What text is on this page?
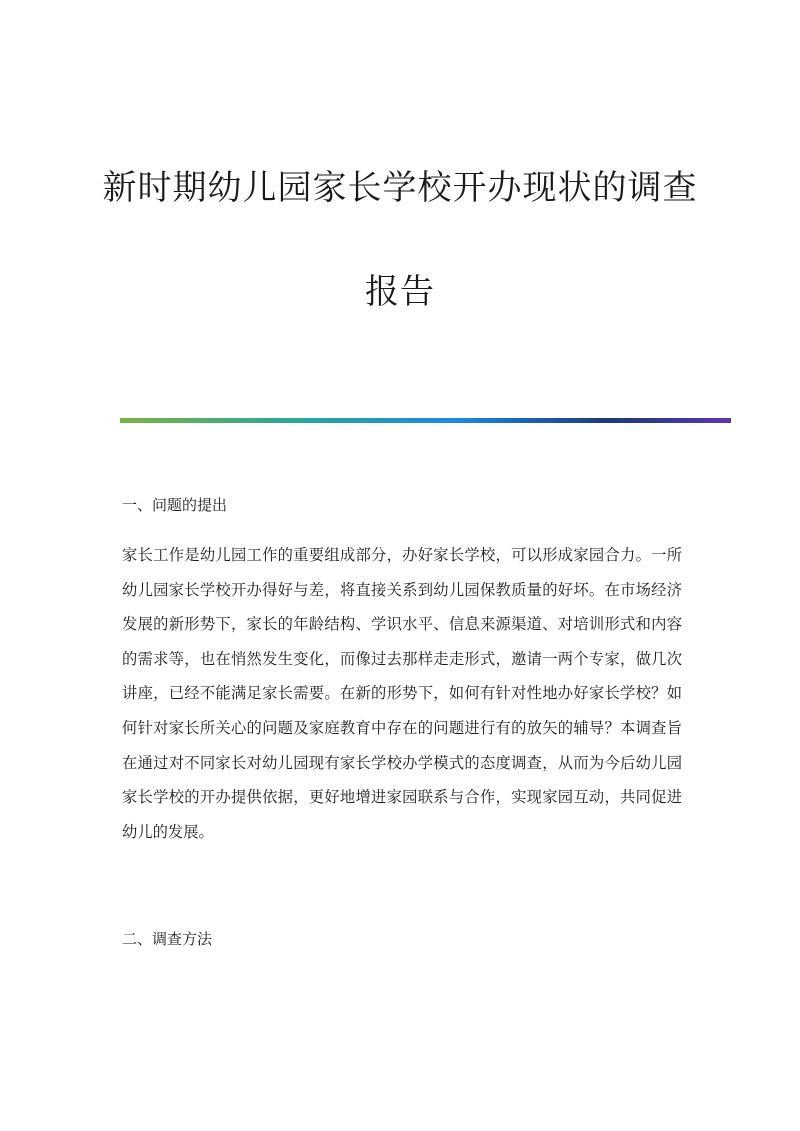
新时期幼儿园家长学校开办现状的调查
报告
一、问题的提出

家长工作是幼儿园工作的重要组成部分，办好家长学校，可以形成家园合力。一所幼儿园家长学校开办得好与差，将直接关系到幼儿园保教质量的好坏。在市场经济发展的新形势下，家长的年龄结构、学识水平、信息来源渠道、对培训形式和内容的需求等，也在悄然发生变化，而像过去那样走走形式，邀请一两个专家，做几次讲座，已经不能满足家长需要。在新的形势下，如何有针对性地办好家长学校？如何针对家长所关心的问题及家庭教育中存在的问题进行有的放矢的辅导？本调查旨在通过对不同家长对幼儿园现有家长学校办学模式的态度调查，从而为今后幼儿园家长学校的开办提供依据，更好地增进家园联系与合作，实现家园互动，共同促进幼儿的发展。

二、调查方法
